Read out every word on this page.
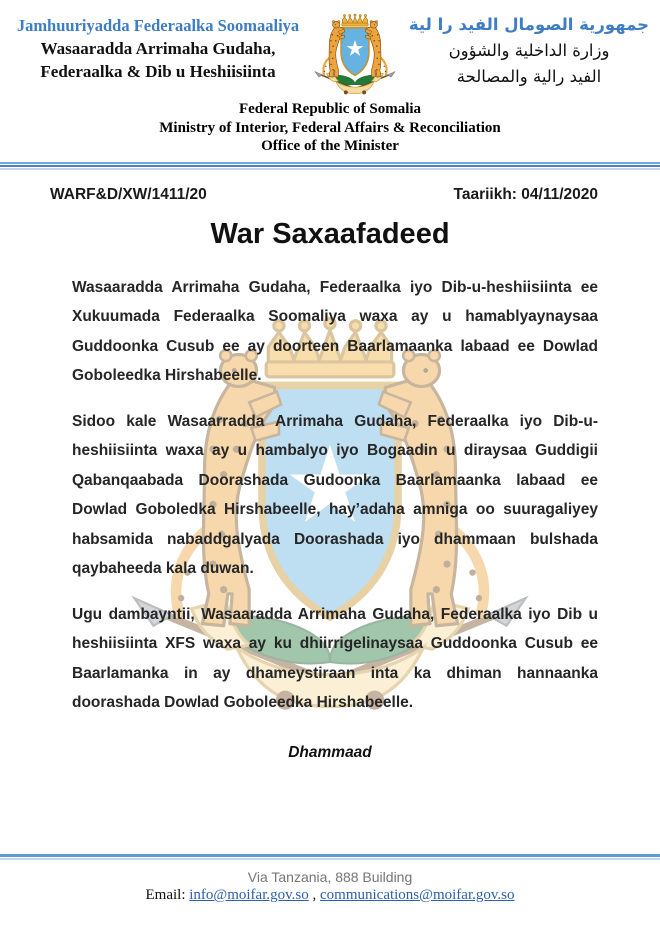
Jamhuuriyadda Federaalka Soomaaliya
Wasaaradda Arrimaha Gudaha,
Federaalka & Dib u Heshiisiinta
جمهورية الصومال الفيد را لية
وزارة الداخلية والشؤون
الفيد رالية والمصالحة
Federal Republic of Somalia
Ministry of Interior, Federal Affairs & Reconciliation
Office of the Minister
WARF&D/XW/1411/20	Taariikh: 04/11/2020
War Saxaafadeed

Wasaaradda Arrimaha Gudaha, Federaalka iyo Dib-u-heshiisiinta ee Xukuumada Federaalka Soomaliya waxa ay u hamablyaynaysaa Guddoonka Cusub ee ay doorteen Baarlamaanka labaad ee Dowlad Goboleedka Hirshabeelle.

Sidoo kale Wasaarradda Arrimaha Gudaha, Federaalka iyo Dib-u-heshiisiinta waxa ay u hambalyo iyo Bogaadin u diraysaa Guddigii Qabanqaabada Doorashada Gudoonka Baarlamaanka labaad ee Dowlad Goboledka Hirshabeelle, hay’adaha amniga oo suuragaliyey habsamida nabaddgalyada Doorashada iyo dhammaan bulshada qaybaheeda kala duwan.

Ugu dambayntii, Wasaaradda Arrimaha Gudaha, Federaalka iyo Dib u heshiisiinta XFS waxa ay ku dhiirrigelinaysaa Guddoonka Cusub ee Baarlamanka in ay dhameystiraan inta ka dhiman hannaanka doorashada Dowlad Goboleedka Hirshabeelle.

Dhammaad
Via Tanzania, 888 Building
Email: info@moifar.gov.so , communications@moifar.gov.so
